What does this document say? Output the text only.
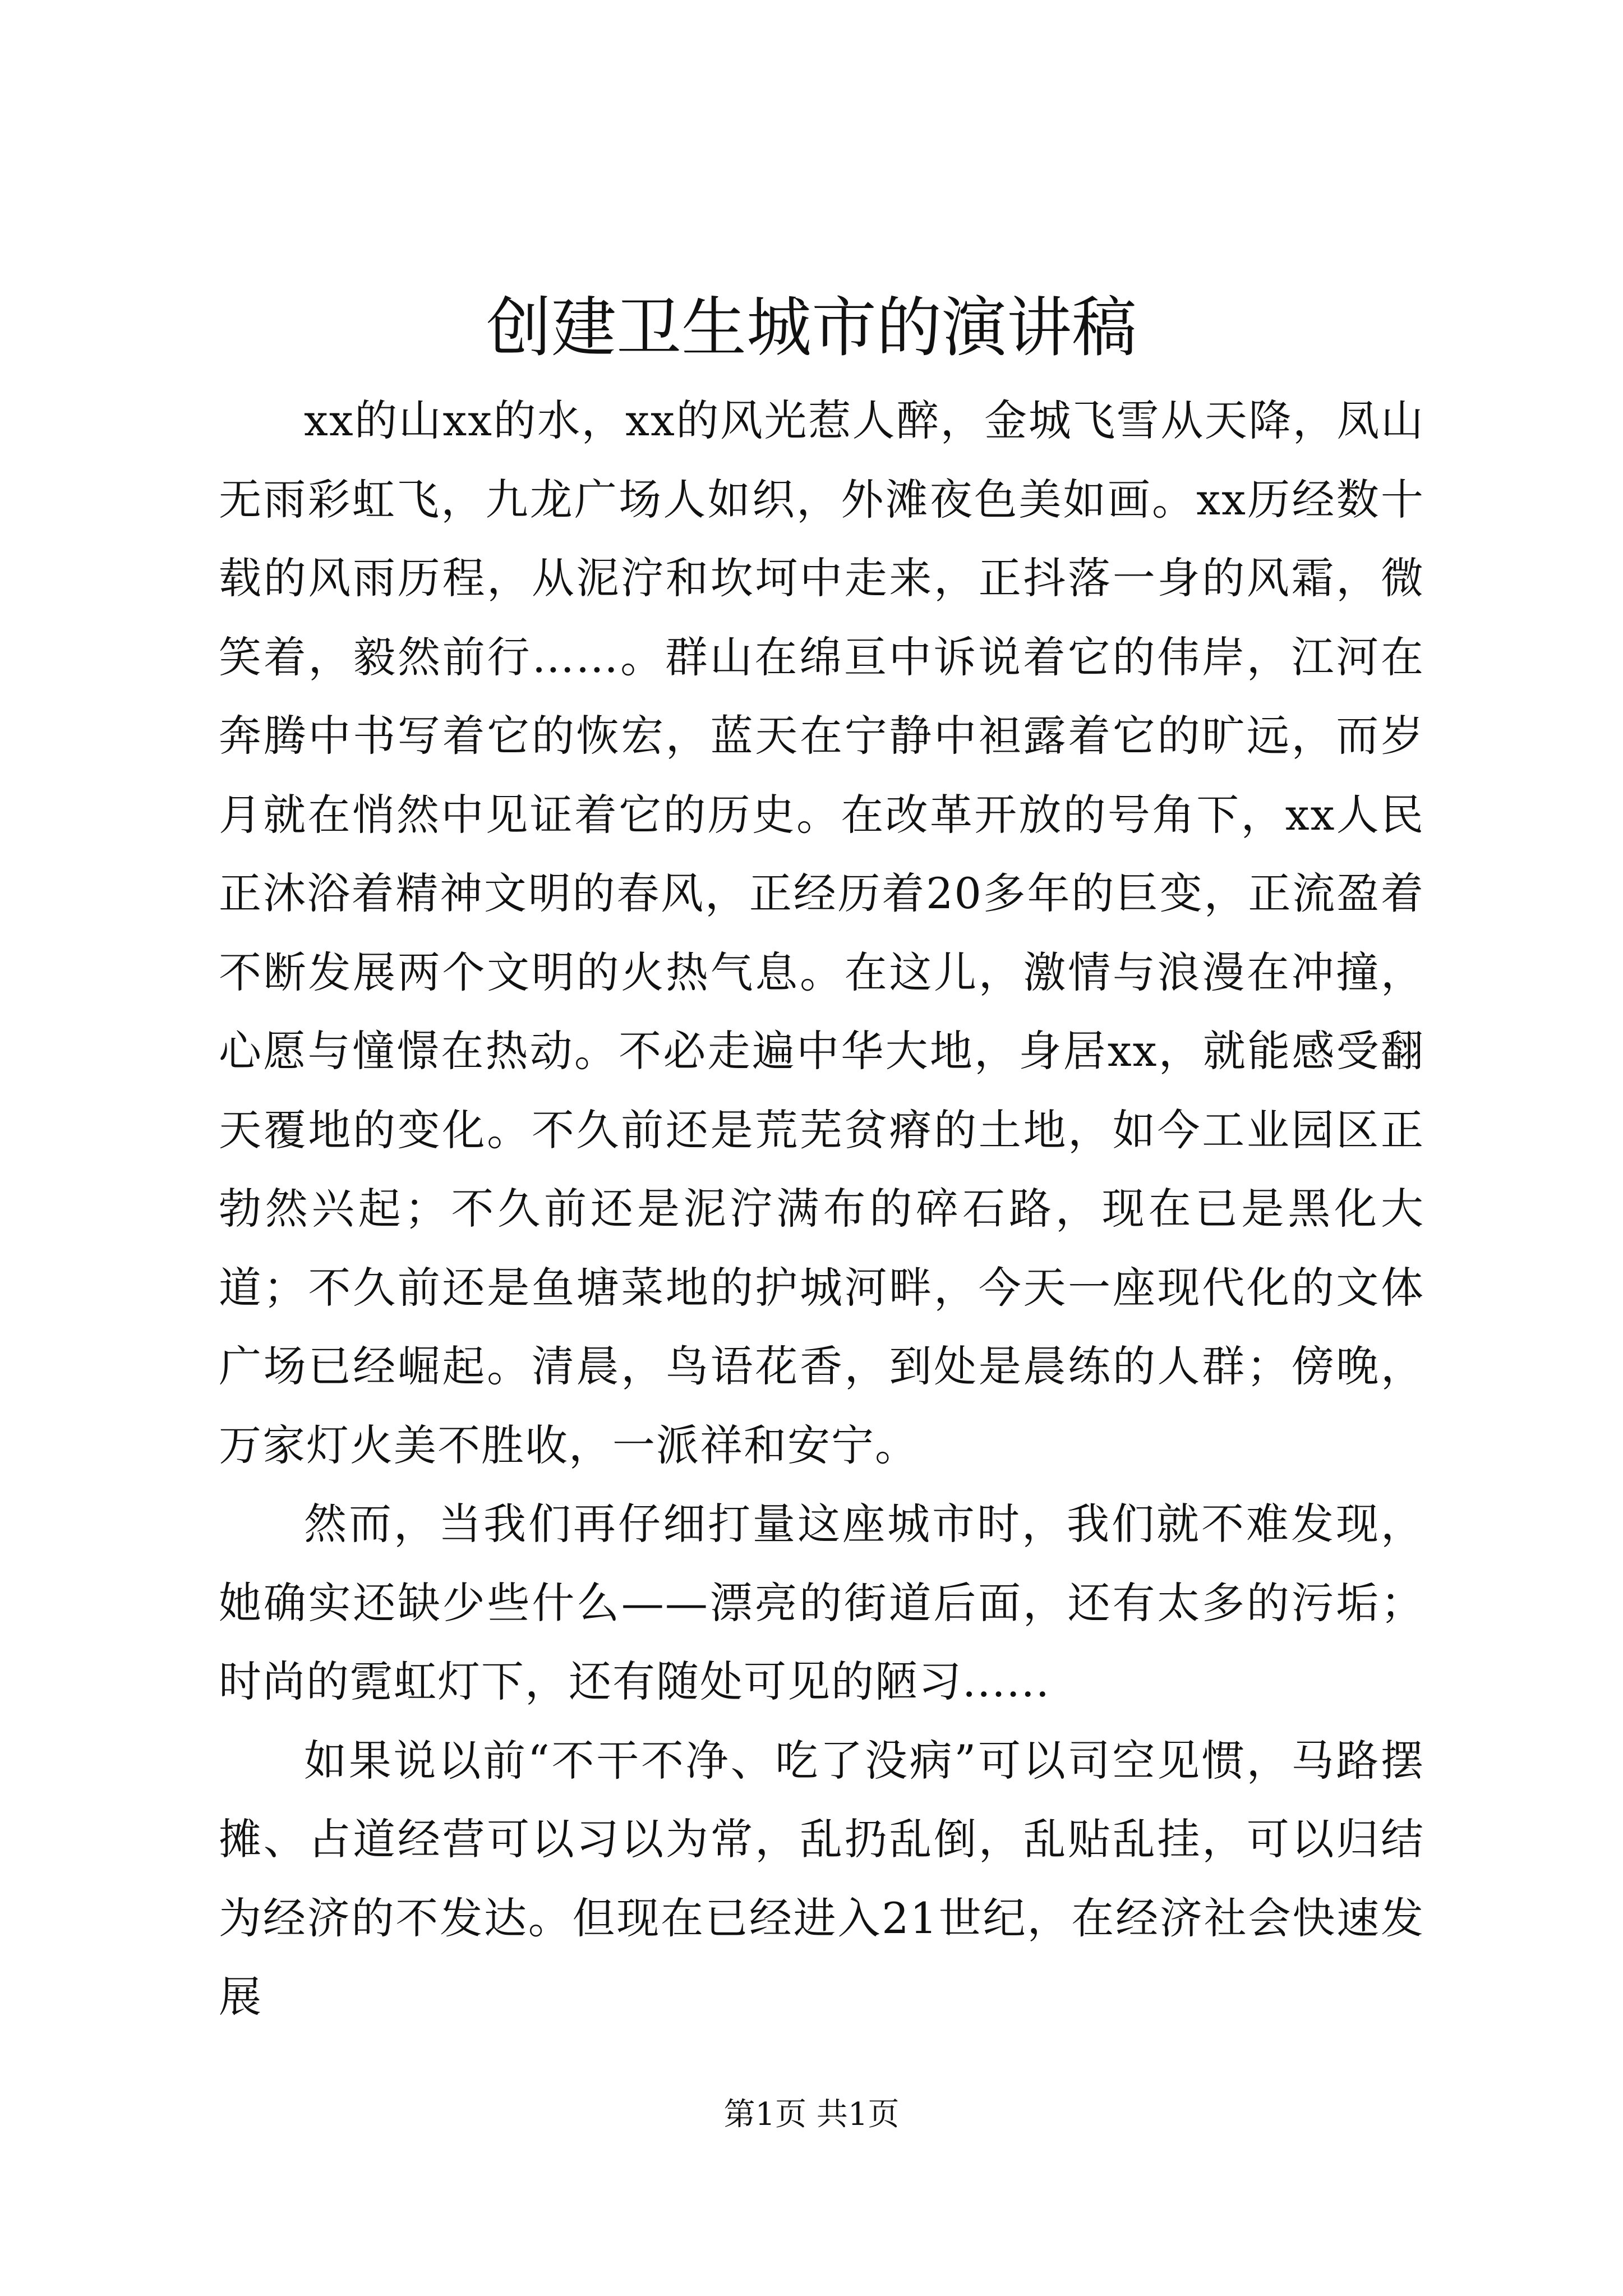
创建卫生城市的演讲稿

xx的山xx的水，xx的风光惹人醉，金城飞雪从天降，凤山无雨彩虹飞，九龙广场人如织，外滩夜色美如画。xx历经数十载的风雨历程，从泥泞和坎坷中走来，正抖落一身的风霜，微笑着，毅然前行……。群山在绵亘中诉说着它的伟岸，江河在奔腾中书写着它的恢宏，蓝天在宁静中袒露着它的旷远，而岁月就在悄然中见证着它的历史。在改革开放的号角下，xx人民正沐浴着精神文明的春风，正经历着20多年的巨变，正流盈着不断发展两个文明的火热气息。在这儿，激情与浪漫在冲撞，心愿与憧憬在热动。不必走遍中华大地，身居xx，就能感受翻天覆地的变化。不久前还是荒芜贫瘠的土地，如今工业园区正勃然兴起；不久前还是泥泞满布的碎石路，现在已是黑化大道；不久前还是鱼塘菜地的护城河畔，今天一座现代化的文体广场已经崛起。清晨，鸟语花香，到处是晨练的人群；傍晚，万家灯火美不胜收，一派祥和安宁。

然而，当我们再仔细打量这座城市时，我们就不难发现，她确实还缺少些什么——漂亮的街道后面，还有太多的污垢；时尚的霓虹灯下，还有随处可见的陋习......

如果说以前“不干不净、吃了没病”可以司空见惯，马路摆摊、占道经营可以习以为常，乱扔乱倒，乱贴乱挂，可以归结为经济的不发达。但现在已经进入21世纪，在经济社会快速发展

第1页 共1页
